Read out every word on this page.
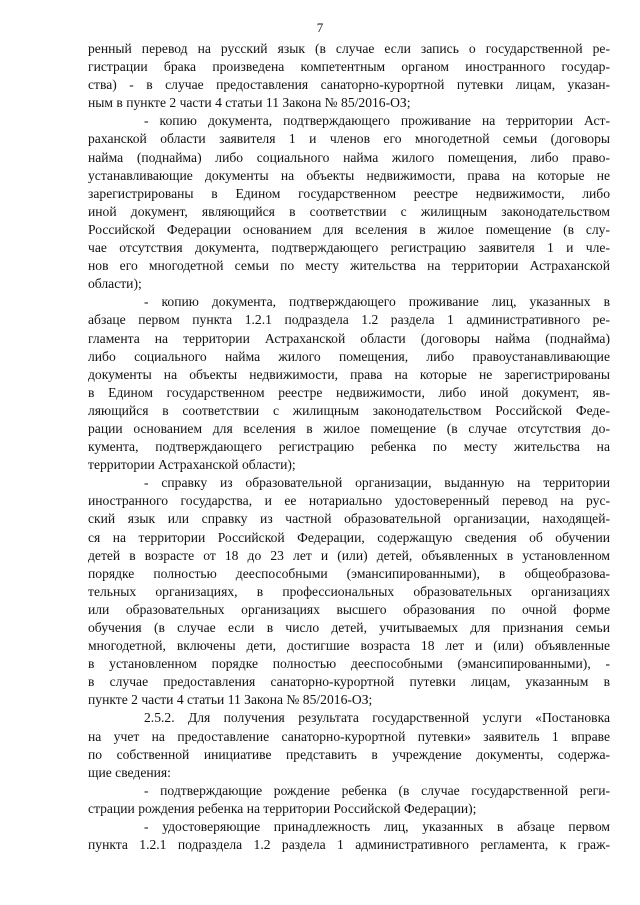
7
ренный перевод на русский язык (в случае если запись о государственной ре-
гистрации брака произведена компетентным органом иностранного государ-
ства) - в случае предоставления санаторно-курортной путевки лицам, указан-
ным в пункте 2 части 4 статьи 11 Закона № 85/2016-ОЗ;
- копию документа, подтверждающего проживание на территории Аст-
раханской области заявителя 1 и членов его многодетной семьи (договоры
найма (поднайма) либо социального найма жилого помещения, либо право-
устанавливающие документы на объекты недвижимости, права на которые не
зарегистрированы в Едином государственном реестре недвижимости, либо
иной документ, являющийся в соответствии с жилищным законодательством
Российской Федерации основанием для вселения в жилое помещение (в слу-
чае отсутствия документа, подтверждающего регистрацию заявителя 1 и чле-
нов его многодетной семьи по месту жительства на территории Астраханской
области);
- копию документа, подтверждающего проживание лиц, указанных в
абзаце первом пункта 1.2.1 подраздела 1.2 раздела 1 административного ре-
гламента на территории Астраханской области (договоры найма (поднайма)
либо социального найма жилого помещения, либо правоустанавливающие
документы на объекты недвижимости, права на которые не зарегистрированы
в Едином государственном реестре недвижимости, либо иной документ, яв-
ляющийся в соответствии с жилищным законодательством Российской Феде-
рации основанием для вселения в жилое помещение (в случае отсутствия до-
кумента, подтверждающего регистрацию ребенка по месту жительства на
территории Астраханской области);
- справку из образовательной организации, выданную на территории
иностранного государства, и ее нотариально удостоверенный перевод на рус-
ский язык или справку из частной образовательной организации, находящей-
ся на территории Российской Федерации, содержащую сведения об обучении
детей в возрасте от 18 до 23 лет и (или) детей, объявленных в установленном
порядке полностью дееспособными (эмансипированными), в общеобразова-
тельных организациях, в профессиональных образовательных организациях
или образовательных организациях высшего образования по очной форме
обучения (в случае если в число детей, учитываемых для признания семьи
многодетной, включены дети, достигшие возраста 18 лет и (или) объявленные
в установленном порядке полностью дееспособными (эмансипированными), -
в случае предоставления санаторно-курортной путевки лицам, указанным в
пункте 2 части 4 статьи 11 Закона № 85/2016-ОЗ;
2.5.2. Для получения результата государственной услуги «Постановка
на учет на предоставление санаторно-курортной путевки» заявитель 1 вправе
по собственной инициативе представить в учреждение документы, содержа-
щие сведения:
- подтверждающие рождение ребенка (в случае государственной реги-
страции рождения ребенка на территории Российской Федерации);
- удостоверяющие принадлежность лиц, указанных в абзаце первом
пункта 1.2.1 подраздела 1.2 раздела 1 административного регламента, к граж-
